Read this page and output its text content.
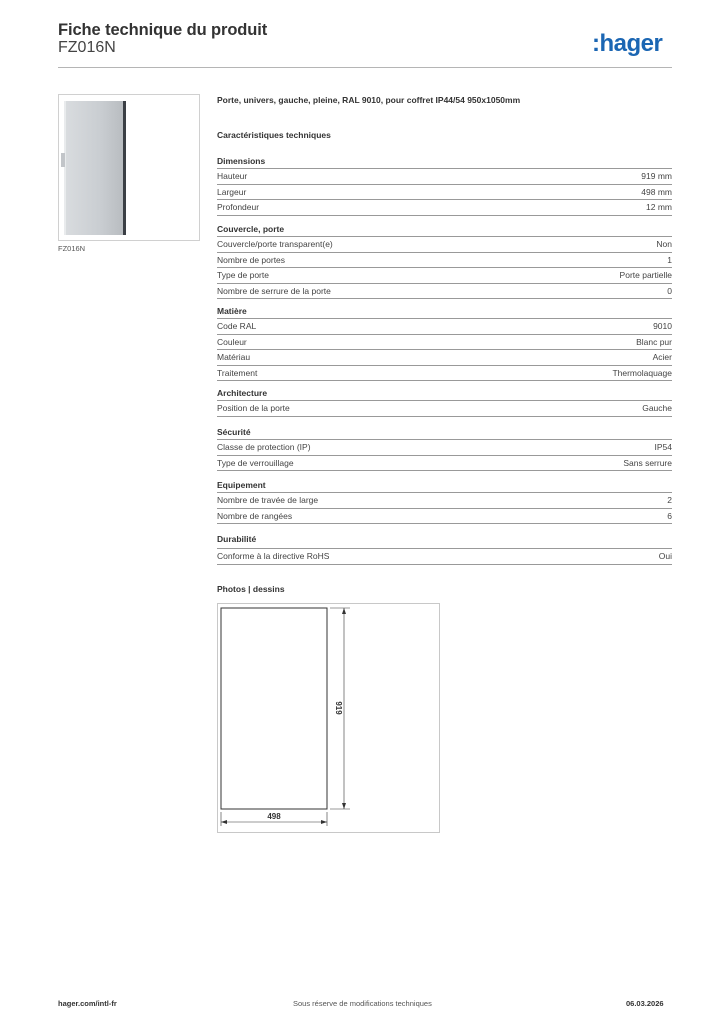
Fiche technique du produit
FZ016N	:hager
FZ016N
Porte, univers, gauche, pleine, RAL 9010, pour coffret IP44/54 950x1050mm
Caractéristiques techniques
Dimensions
Hauteur	919 mm
Largeur	498 mm
Profondeur	12 mm
Couvercle, porte
Couvercle/porte transparent(e)	Non
Nombre de portes	1
Type de porte	Porte partielle
Nombre de serrure de la porte	0
Matière
Code RAL	9010
Couleur	Blanc pur
Matériau	Acier
Traitement	Thermolaquage
Architecture
Position de la porte	Gauche
Sécurité
Classe de protection (IP)	IP54
Type de verrouillage	Sans serrure
Equipement
Nombre de travée de large	2
Nombre de rangées	6
Durabilité
Conforme à la directive RoHS	Oui
Photos | dessins
919
498
hager.com/intl-fr	Sous réserve de modifications techniques	06.03.2026
